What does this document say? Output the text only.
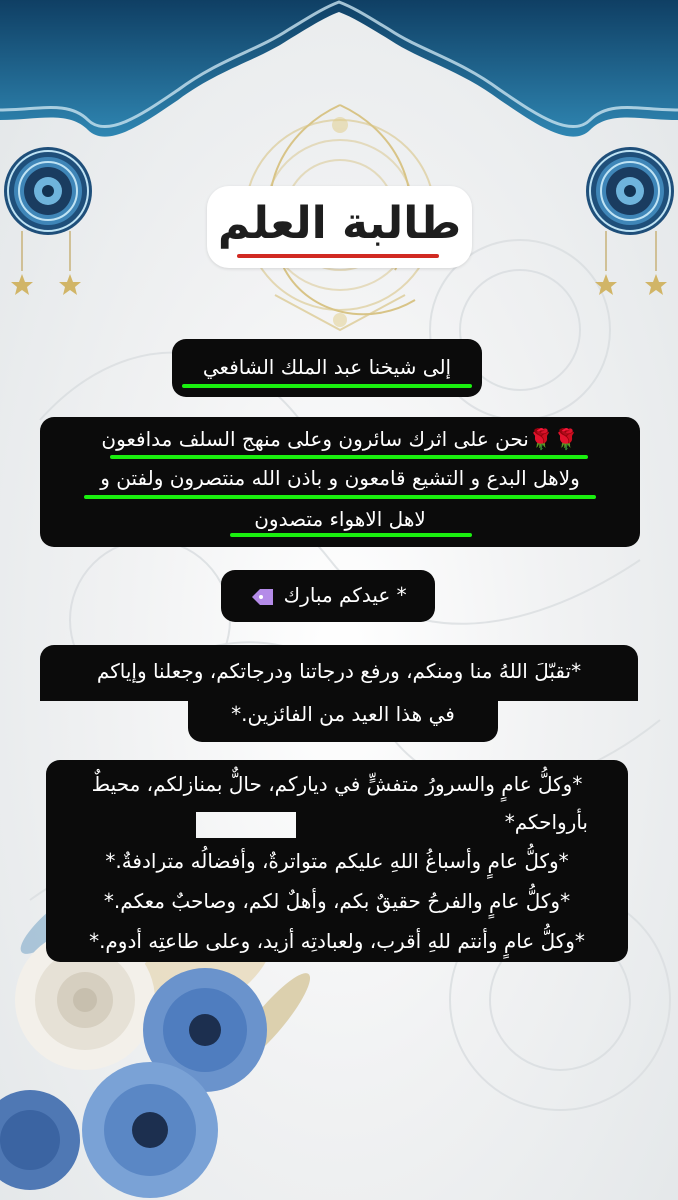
طالبة العلم
إلى شيخنا عبد الملك الشافعي
🌹🌹نحن على اثرك سائرون وعلى منهج السلف مدافعون
ولاهل البدع و التشيع قامعون و باذن الله منتصرون ولفتن و
لاهل الاهواء متصدون
* عيدكم مبارك
*تقبّلَ اللهُ منا ومنكم، ورفع درجاتنا ودرجاتكم، وجعلنا وإياكم
في هذا العيد من الفائزين.*
*وكلُّ عامٍ والسرورُ متفشٍّ في دياركم، حالٌّ بمنازلكم، محيطٌ
بأرواحكم*
*وكلُّ عامٍ وأسباغُ اللهِ عليكم متواترةٌ، وأفضالُه مترادفةٌ.*
*وكلُّ عامٍ والفرحُ حقيقٌ بكم، وأهلٌ لكم، وصاحبٌ معكم.*
*وكلُّ عامٍ وأنتم للهِ أقرب، ولعبادتِه أزيد، وعلى طاعتِه أدوم.*
